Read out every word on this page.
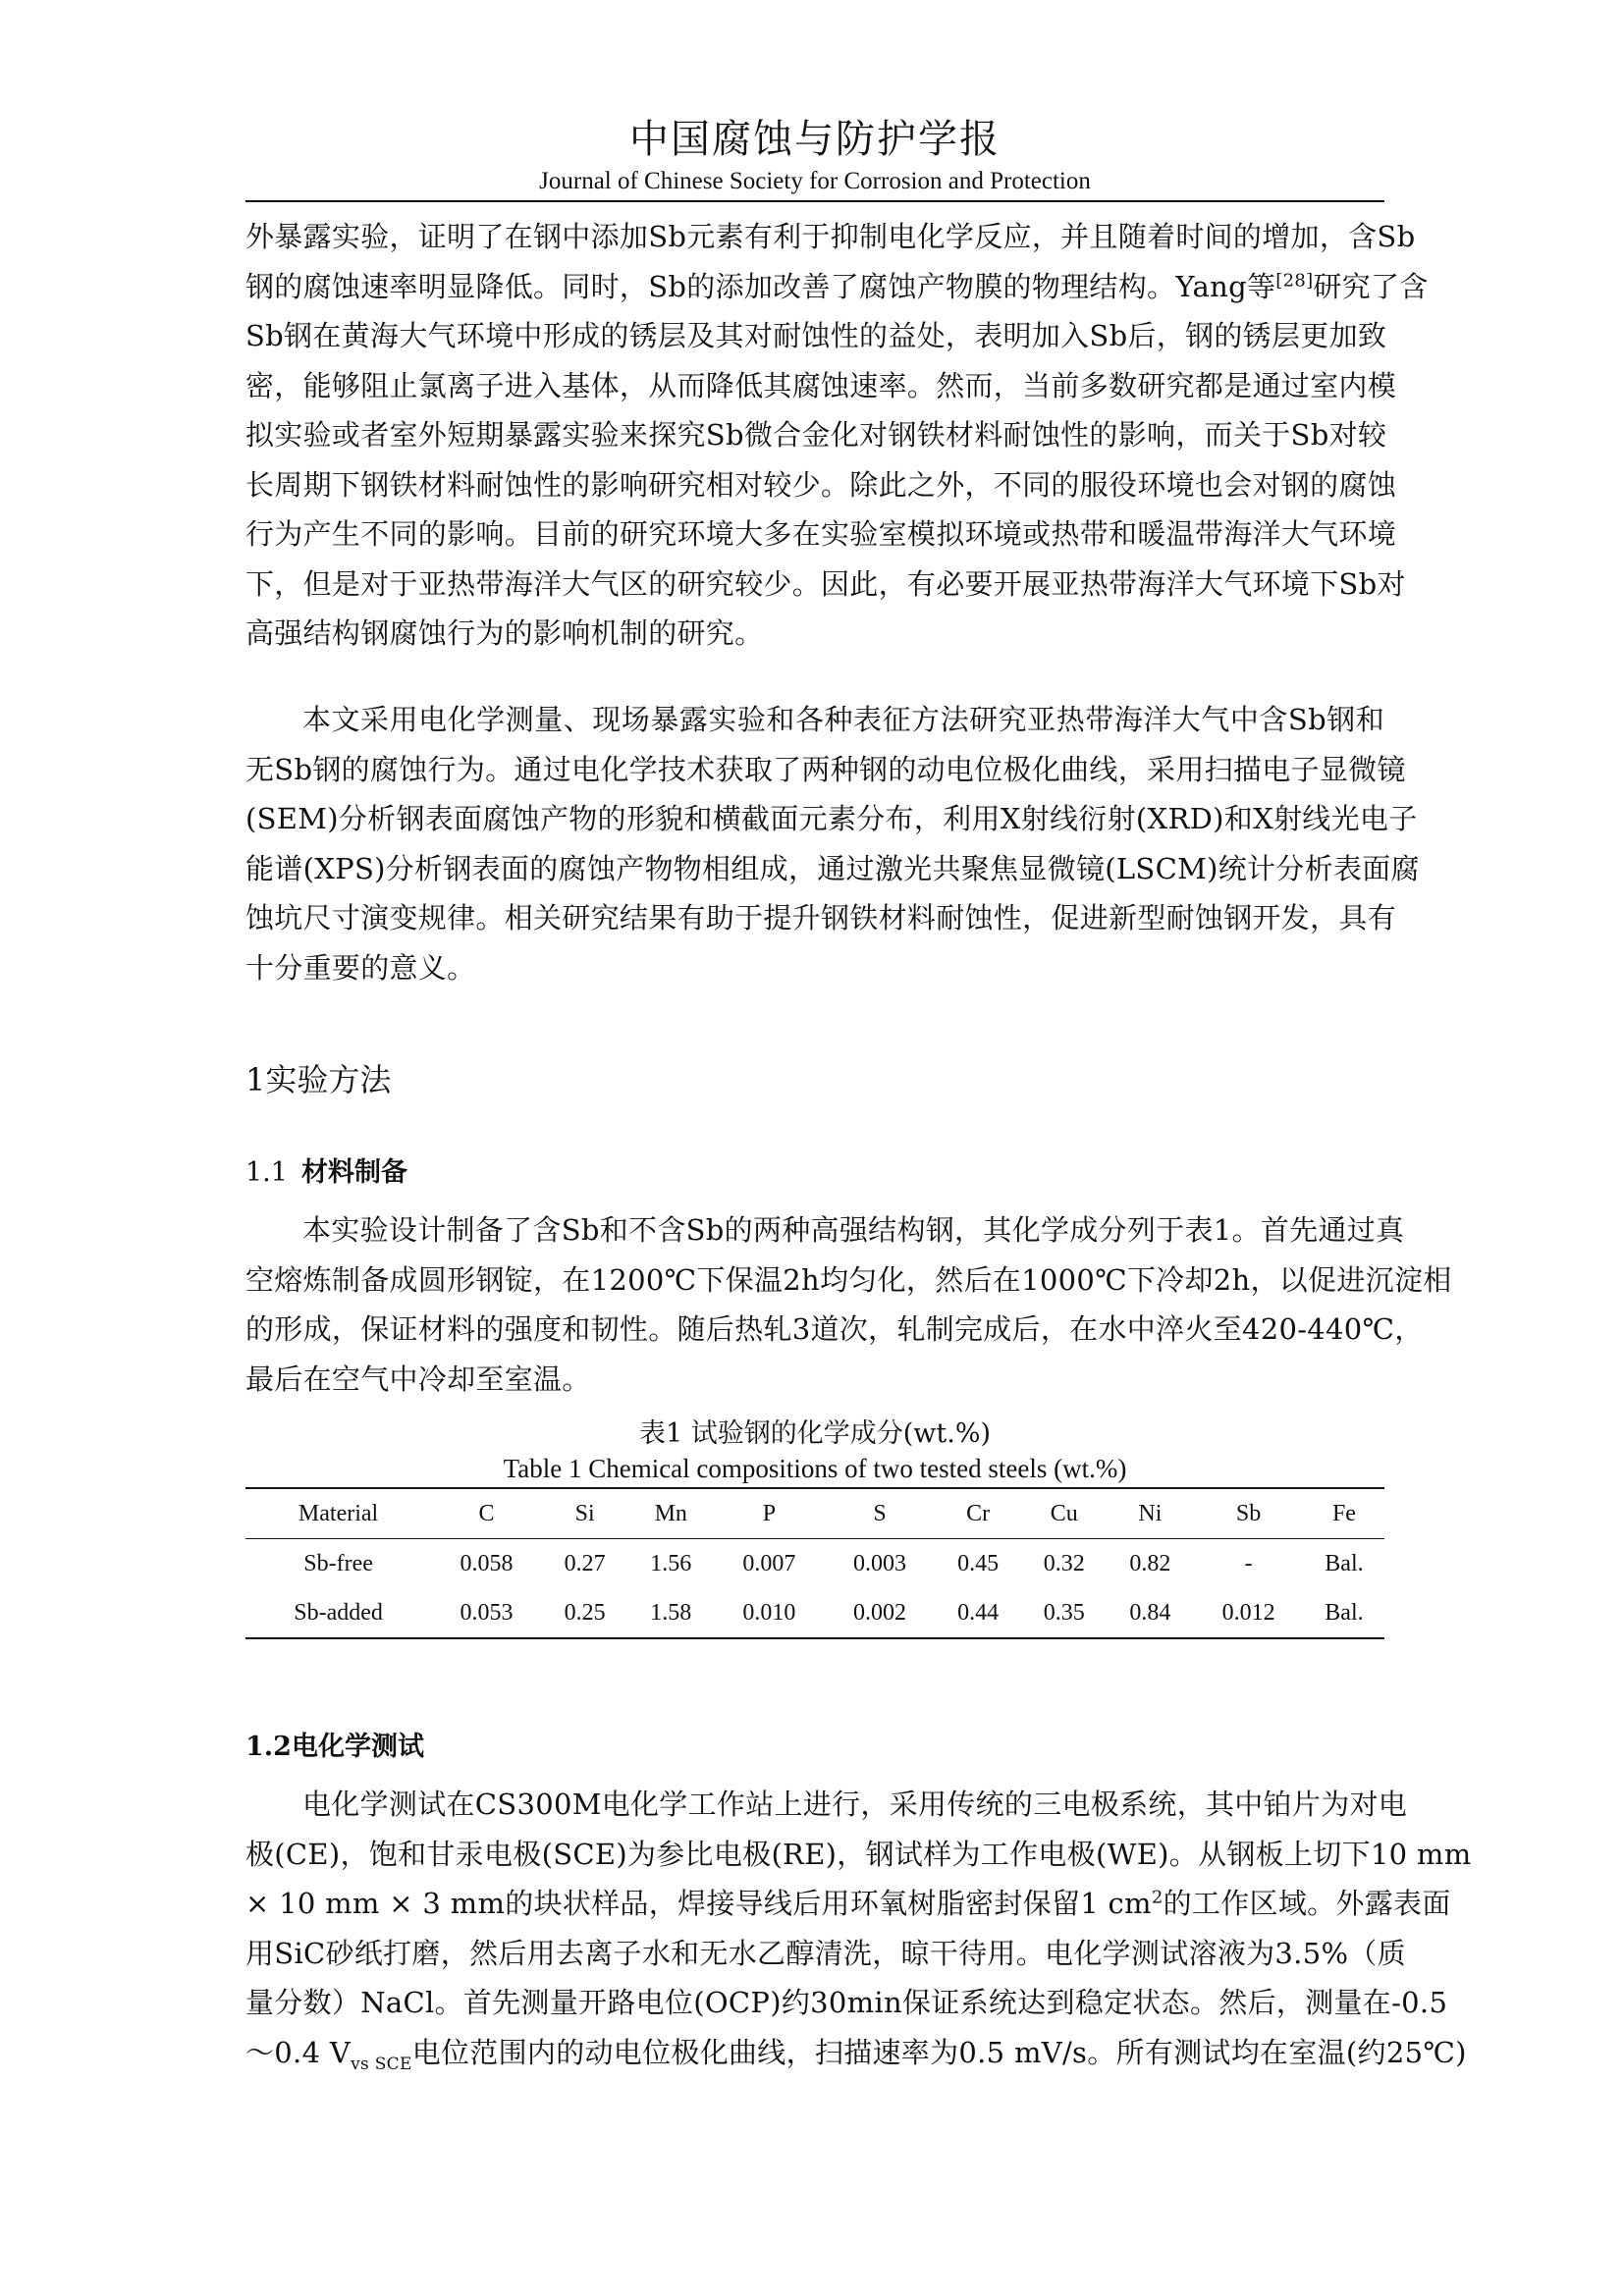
中国腐蚀与防护学报
Journal of Chinese Society for Corrosion and Protection

外暴露实验，证明了在钢中添加Sb元素有利于抑制电化学反应，并且随着时间的增加，含Sb
钢的腐蚀速率明显降低。同时，Sb的添加改善了腐蚀产物膜的物理结构。Yang等[28]研究了含
Sb钢在黄海大气环境中形成的锈层及其对耐蚀性的益处，表明加入Sb后，钢的锈层更加致
密，能够阻止氯离子进入基体，从而降低其腐蚀速率。然而，当前多数研究都是通过室内模
拟实验或者室外短期暴露实验来探究Sb微合金化对钢铁材料耐蚀性的影响，而关于Sb对较
长周期下钢铁材料耐蚀性的影响研究相对较少。除此之外，不同的服役环境也会对钢的腐蚀
行为产生不同的影响。目前的研究环境大多在实验室模拟环境或热带和暖温带海洋大气环境
下，但是对于亚热带海洋大气区的研究较少。因此，有必要开展亚热带海洋大气环境下Sb对
高强结构钢腐蚀行为的影响机制的研究。

本文采用电化学测量、现场暴露实验和各种表征方法研究亚热带海洋大气中含Sb钢和
无Sb钢的腐蚀行为。通过电化学技术获取了两种钢的动电位极化曲线，采用扫描电子显微镜
(SEM)分析钢表面腐蚀产物的形貌和横截面元素分布，利用X射线衍射(XRD)和X射线光电子
能谱(XPS)分析钢表面的腐蚀产物物相组成，通过激光共聚焦显微镜(LSCM)统计分析表面腐
蚀坑尺寸演变规律。相关研究结果有助于提升钢铁材料耐蚀性，促进新型耐蚀钢开发，具有
十分重要的意义。

1实验方法
1.1 材料制备

本实验设计制备了含Sb和不含Sb的两种高强结构钢，其化学成分列于表1。首先通过真
空熔炼制备成圆形钢锭，在1200℃下保温2h均匀化，然后在1000℃下冷却2h，以促进沉淀相
的形成，保证材料的强度和韧性。随后热轧3道次，轧制完成后，在水中淬火至420-440℃，
最后在空气中冷却至室温。

表1 试验钢的化学成分(wt.%)
Table 1 Chemical compositions of two tested steels (wt.%)
Material	C	Si	Mn	P	S	Cr	Cu	Ni	Sb	Fe
Sb-free	0.058	0.27	1.56	0.007	0.003	0.45	0.32	0.82	-	Bal.
Sb-added	0.053	0.25	1.58	0.010	0.002	0.44	0.35	0.84	0.012	Bal.
1.2电化学测试

电化学测试在CS300M电化学工作站上进行，采用传统的三电极系统，其中铂片为对电
极(CE)，饱和甘汞电极(SCE)为参比电极(RE)，钢试样为工作电极(WE)。从钢板上切下10 mm
× 10 mm × 3 mm的块状样品，焊接导线后用环氧树脂密封保留1 $cm^2$的工作区域。外露表面
用SiC砂纸打磨，然后用去离子水和无水乙醇清洗，晾干待用。电化学测试溶液为3.5%（质
量分数）NaCl。首先测量开路电位(OCP)约30min保证系统达到稳定状态。然后，测量在-0.5
～0.4 $V_{vs SCE}$电位范围内的动电位极化曲线，扫描速率为0.5 mV/s。所有测试均在室温(约25℃)
